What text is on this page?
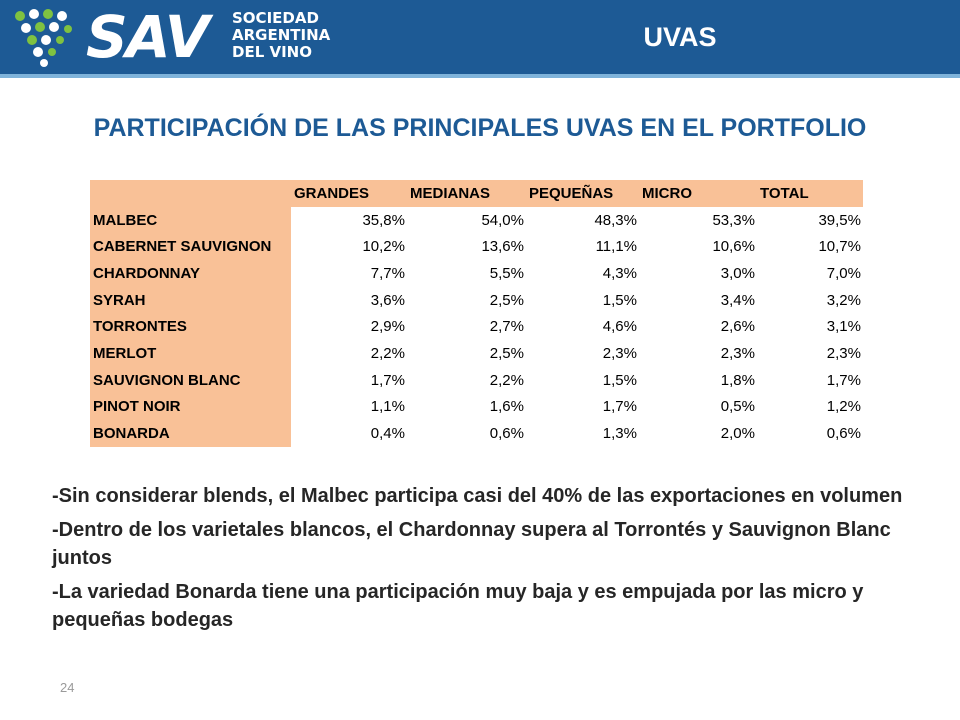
SAV SOCIEDAD
ARGENTINA
DEL VINO	UVAS
PARTICIPACIÓN DE LAS PRINCIPALES UVAS EN EL PORTFOLIO
	GRANDES	MEDIANAS	PEQUEÑAS	MICRO	TOTAL
MALBEC	35,8%	54,0%	48,3%	53,3%	39,5%
CABERNET SAUVIGNON	10,2%	13,6%	11,1%	10,6%	10,7%
CHARDONNAY	7,7%	5,5%	4,3%	3,0%	7,0%
SYRAH	3,6%	2,5%	1,5%	3,4%	3,2%
TORRONTES	2,9%	2,7%	4,6%	2,6%	3,1%
MERLOT	2,2%	2,5%	2,3%	2,3%	2,3%
SAUVIGNON BLANC	1,7%	2,2%	1,5%	1,8%	1,7%
PINOT NOIR	1,1%	1,6%	1,7%	0,5%	1,2%
BONARDA	0,4%	0,6%	1,3%	2,0%	0,6%

-Sin considerar blends, el Malbec participa casi del 40% de las exportaciones en volumen

-Dentro de los varietales blancos, el Chardonnay supera al Torrontés y Sauvignon Blanc juntos

-La variedad Bonarda tiene una participación muy baja y es empujada por las micro y pequeñas bodegas

24
